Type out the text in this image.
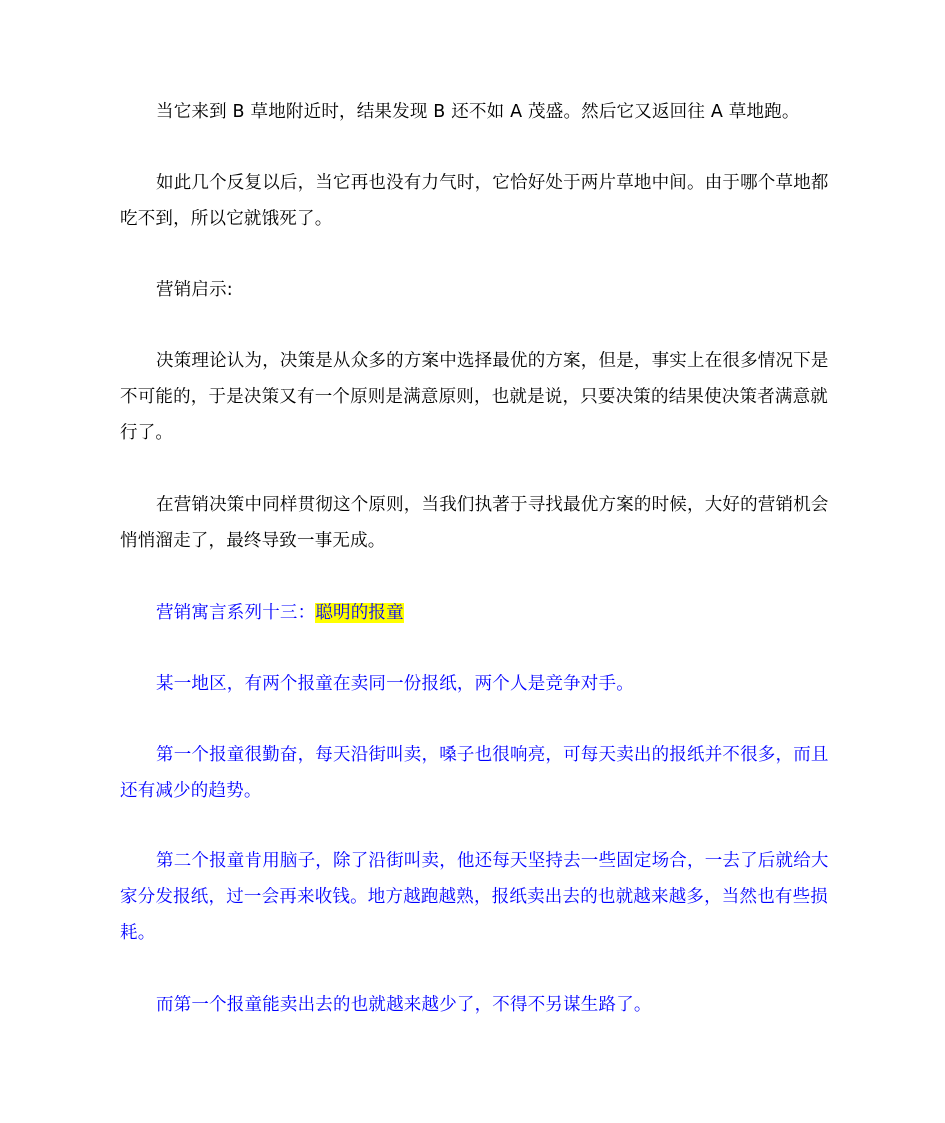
当它来到 B 草地附近时，结果发现 B 还不如 A 茂盛。然后它又返回往 A 草地跑。

如此几个反复以后，当它再也没有力气时，它恰好处于两片草地中间。由于哪个草地都吃不到，所以它就饿死了。

营销启示:

决策理论认为，决策是从众多的方案中选择最优的方案，但是，事实上在很多情况下是不可能的，于是决策又有一个原则是满意原则，也就是说，只要决策的结果使决策者满意就行了。

在营销决策中同样贯彻这个原则，当我们执著于寻找最优方案的时候，大好的营销机会悄悄溜走了，最终导致一事无成。

营销寓言系列十三：聪明的报童

某一地区，有两个报童在卖同一份报纸，两个人是竞争对手。

第一个报童很勤奋，每天沿街叫卖，嗓子也很响亮，可每天卖出的报纸并不很多，而且还有减少的趋势。

第二个报童肯用脑子，除了沿街叫卖，他还每天坚持去一些固定场合，一去了后就给大家分发报纸，过一会再来收钱。地方越跑越熟，报纸卖出去的也就越来越多，当然也有些损耗。

而第一个报童能卖出去的也就越来越少了，不得不另谋生路了。
